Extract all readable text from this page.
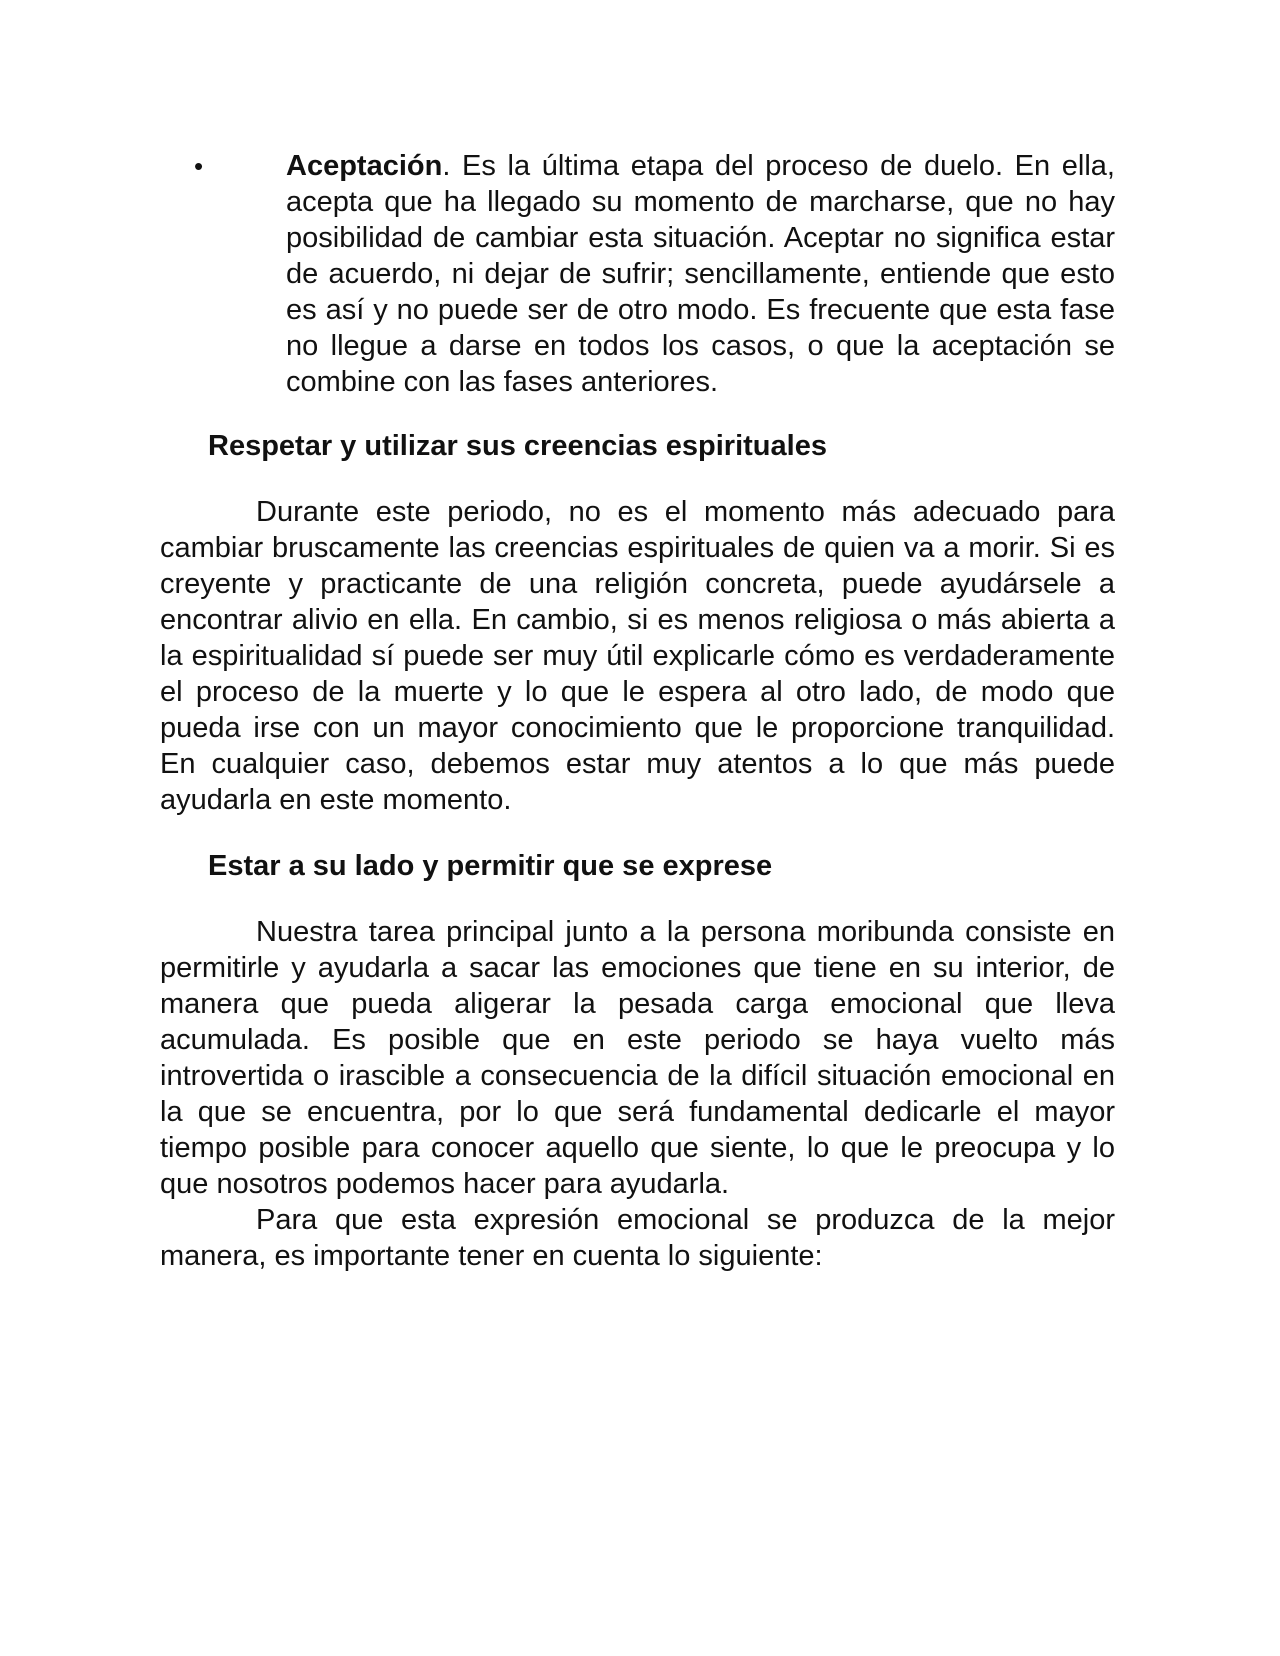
•	Aceptación. Es la última etapa del proceso de duelo. En ella, acepta que ha llegado su momento de marcharse, que no hay posibilidad de cambiar esta situación. Aceptar no significa estar de acuerdo, ni dejar de sufrir; sencillamente, entiende que esto es así y no puede ser de otro modo. Es frecuente que esta fase no llegue a darse en todos los casos, o que la aceptación se combine con las fases anteriores.

Respetar y utilizar sus creencias espirituales

Durante este periodo, no es el momento más adecuado para cambiar bruscamente las creencias espirituales de quien va a morir. Si es creyente y practicante de una religión concreta, puede ayudársele a encontrar alivio en ella. En cambio, si es menos religiosa o más abierta a la espiritualidad sí puede ser muy útil explicarle cómo es verdaderamente el proceso de la muerte y lo que le espera al otro lado, de modo que pueda irse con un mayor conocimiento que le proporcione tranquilidad. En cualquier caso, debemos estar muy atentos a lo que más puede ayudarla en este momento.

Estar a su lado y permitir que se exprese

Nuestra tarea principal junto a la persona moribunda consiste en permitirle y ayudarla a sacar las emociones que tiene en su interior, de manera que pueda aligerar la pesada carga emocional que lleva acumulada. Es posible que en este periodo se haya vuelto más introvertida o irascible a consecuencia de la difícil situación emocional en la que se encuentra, por lo que será fundamental dedicarle el mayor tiempo posible para conocer aquello que siente, lo que le preocupa y lo que nosotros podemos hacer para ayudarla.

Para que esta expresión emocional se produzca de la mejor manera, es importante tener en cuenta lo siguiente:
